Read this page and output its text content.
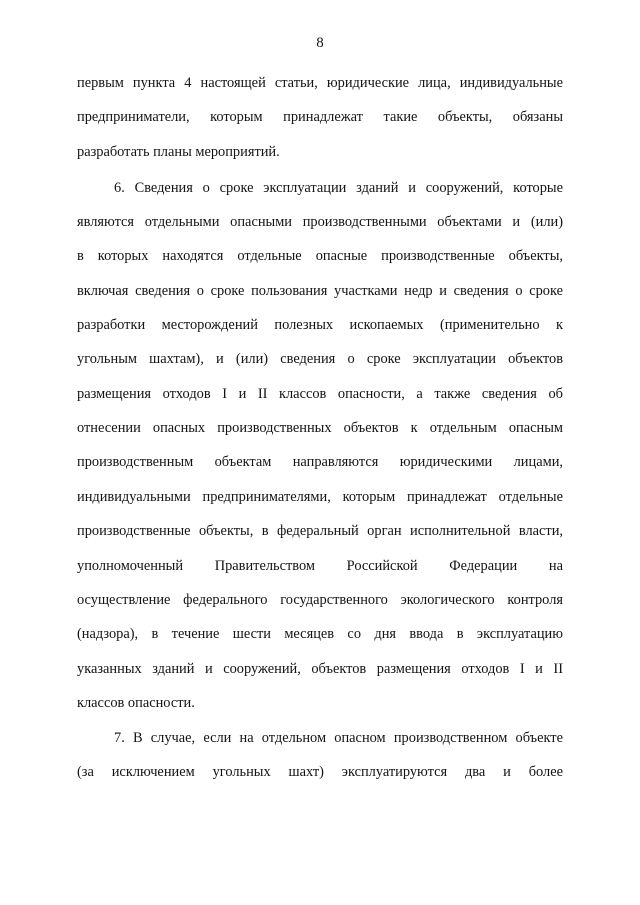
8
первым пункта 4 настоящей статьи, юридические лица, индивидуальные
предприниматели, которым принадлежат такие объекты, обязаны
разработать планы мероприятий.
6. Сведения о сроке эксплуатации зданий и сооружений, которые
являются отдельными опасными производственными объектами и (или)
в которых находятся отдельные опасные производственные объекты,
включая сведения о сроке пользования участками недр и сведения о сроке
разработки месторождений полезных ископаемых (применительно к
угольным шахтам), и (или) сведения о сроке эксплуатации объектов
размещения отходов I и II классов опасности, а также сведения об
отнесении опасных производственных объектов к отдельным опасным
производственным объектам направляются юридическими лицами,
индивидуальными предпринимателями, которым принадлежат отдельные
производственные объекты, в федеральный орган исполнительной власти,
уполномоченный Правительством Российской Федерации на
осуществление федерального государственного экологического контроля
(надзора), в течение шести месяцев со дня ввода в эксплуатацию
указанных зданий и сооружений, объектов размещения отходов I и II
классов опасности.
7. В случае, если на отдельном опасном производственном объекте
(за исключением угольных шахт) эксплуатируются два и более
